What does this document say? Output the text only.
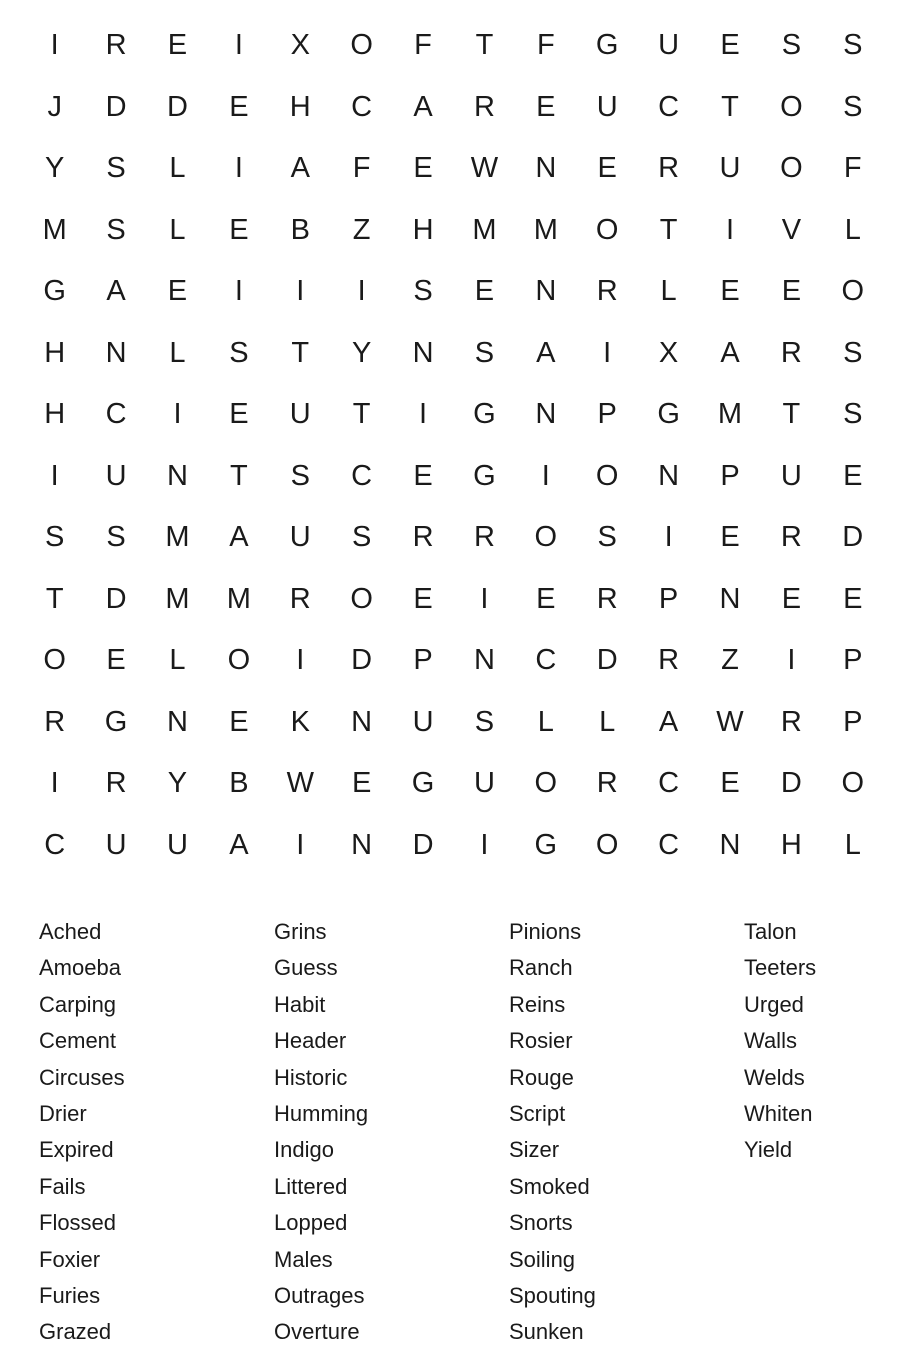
I	R	E	I	X	O	F	T	F	G	U	E	S	S
J	D	D	E	H	C	A	R	E	U	C	T	O	S
Y	S	L	I	A	F	E	W	N	E	R	U	O	F
M	S	L	E	B	Z	H	M	M	O	T	I	V	L
G	A	E	I	I	I	S	E	N	R	L	E	E	O
H	N	L	S	T	Y	N	S	A	I	X	A	R	S
H	C	I	E	U	T	I	G	N	P	G	M	T	S
I	U	N	T	S	C	E	G	I	O	N	P	U	E
S	S	M	A	U	S	R	R	O	S	I	E	R	D
T	D	M	M	R	O	E	I	E	R	P	N	E	E
O	E	L	O	I	D	P	N	C	D	R	Z	I	P
R	G	N	E	K	N	U	S	L	L	A	W	R	P
I	R	Y	B	W	E	G	U	O	R	C	E	D	O
C	U	U	A	I	N	D	I	G	O	C	N	H	L
Ached
Amoeba
Carping
Cement
Circuses
Drier
Expired
Fails
Flossed
Foxier
Furies
Grazed
Grins
Guess
Habit
Header
Historic
Humming
Indigo
Littered
Lopped
Males
Outrages
Overture
Pinions
Ranch
Reins
Rosier
Rouge
Script
Sizer
Smoked
Snorts
Soiling
Spouting
Sunken
Talon
Teeters
Urged
Walls
Welds
Whiten
Yield
